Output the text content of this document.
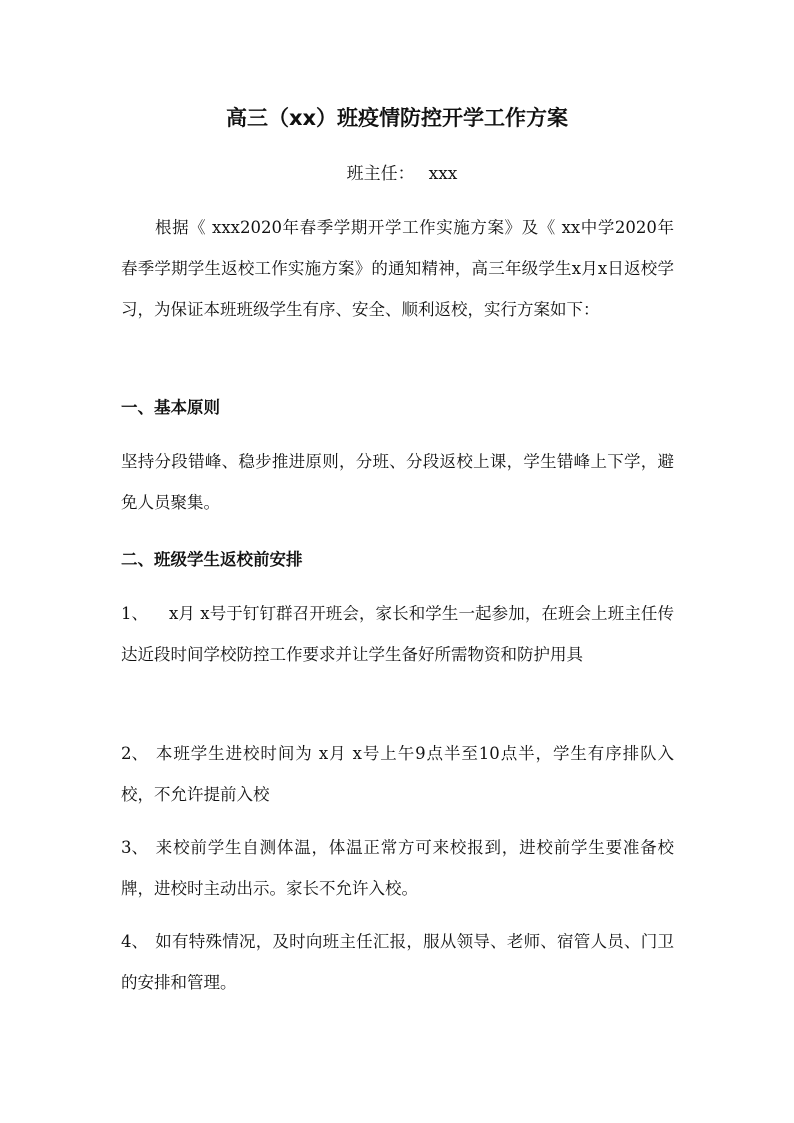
高三（xx）班疫情防控开学工作方案
班主任： xxx

根据《 xxx2020年春季学期开学工作实施方案》及《 xx中学2020年春季学期学生返校工作实施方案》的通知精神，高三年级学生x月x日返校学习，为保证本班班级学生有序、安全、顺利返校，实行方案如下：

一、基本原则

坚持分段错峰、稳步推进原则，分班、分段返校上课，学生错峰上下学，避免人员聚集。

二、班级学生返校前安排

1、 x月 x号于钉钉群召开班会，家长和学生一起参加，在班会上班主任传达近段时间学校防控工作要求并让学生备好所需物资和防护用具

2、 本班学生进校时间为 x月 x号上午9点半至10点半，学生有序排队入校，不允许提前入校

3、 来校前学生自测体温，体温正常方可来校报到，进校前学生要准备校牌，进校时主动出示。家长不允许入校。

4、 如有特殊情况，及时向班主任汇报，服从领导、老师、宿管人员、门卫的安排和管理。
